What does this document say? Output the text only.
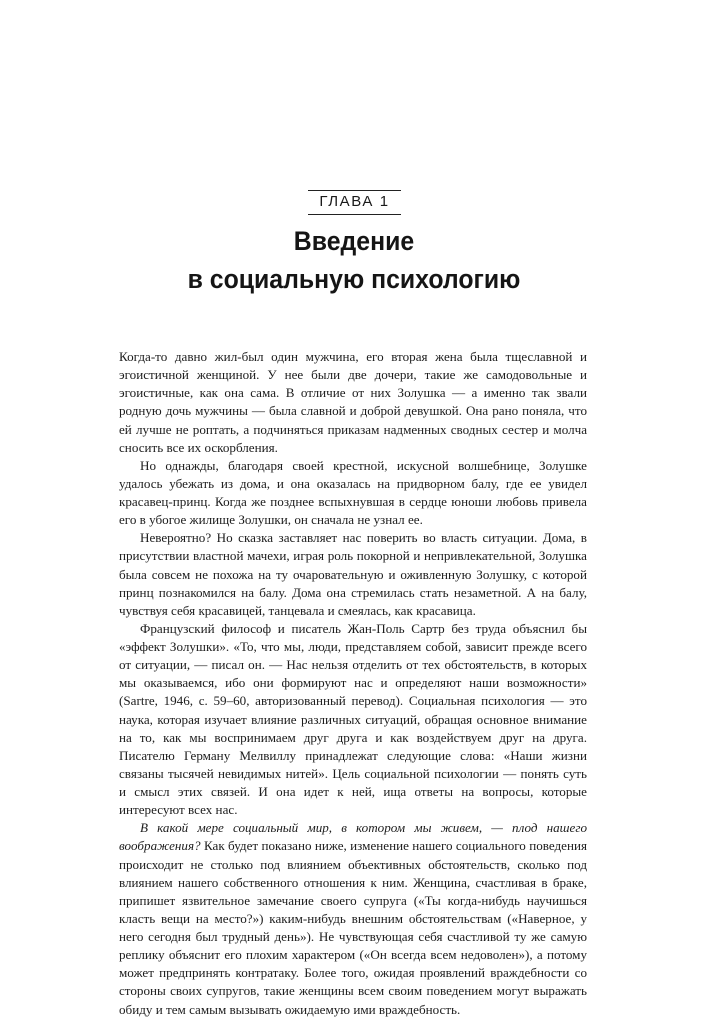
ГЛАВА 1
Введение
в социальную психологию

Когда-то давно жил-был один мужчина, его вторая жена была тщеславной и эгоистичной женщиной. У нее были две дочери, такие же самодовольные и эгоистичные, как она сама. В отличие от них Золушка — а именно так звали родную дочь мужчины — была славной и доброй девушкой. Она рано поняла, что ей лучше не роптать, а подчиняться приказам надменных сводных сестер и молча сносить все их оскорбления.

Но однажды, благодаря своей крестной, искусной волшебнице, Золушке удалось убежать из дома, и она оказалась на придворном балу, где ее увидел красавец-принц. Когда же позднее вспыхнувшая в сердце юноши любовь привела его в убогое жилище Золушки, он сначала не узнал ее.

Невероятно? Но сказка заставляет нас поверить во власть ситуации. Дома, в присутствии властной мачехи, играя роль покорной и непривлекательной, Золушка была совсем не похожа на ту очаровательную и оживленную Золушку, с которой принц познакомился на балу. Дома она стремилась стать незаметной. А на балу, чувствуя себя красавицей, танцевала и смеялась, как красавица.

Французский философ и писатель Жан-Поль Сартр без труда объяснил бы «эффект Золушки». «То, что мы, люди, представляем собой, зависит прежде всего от ситуации, — писал он. — Нас нельзя отделить от тех обстоятельств, в которых мы оказываемся, ибо они формируют нас и определяют наши возможности» (Sartre, 1946, с. 59–60, авторизованный перевод). Социальная психология — это наука, которая изучает влияние различных ситуаций, обращая основное внимание на то, как мы воспринимаем друг друга и как воздействуем друг на друга. Писателю Герману Мелвиллу принадлежат следующие слова: «Наши жизни связаны тысячей невидимых нитей». Цель социальной психологии — понять суть и смысл этих связей. И она идет к ней, ища ответы на вопросы, которые интересуют всех нас.

В какой мере социальный мир, в котором мы живем, — плод нашего воображения? Как будет показано ниже, изменение нашего социального поведения происходит не столько под влиянием объективных обстоятельств, сколько под влиянием нашего собственного отношения к ним. Женщина, счастливая в браке, припишет язвительное замечание своего супруга («Ты когда-нибудь научишься класть вещи на место?») каким-нибудь внешним обстоятельствам («Наверное, у него сегодня был трудный день»). Не чувствующая себя счастливой ту же самую реплику объяснит его плохим характером («Он всегда всем недоволен»), а потому может предпринять контратаку. Более того, ожидая проявлений враждебности со стороны своих супругов, такие женщины всем своим поведением могут выражать обиду и тем самым вызывать ожидаемую ими враждебность.
